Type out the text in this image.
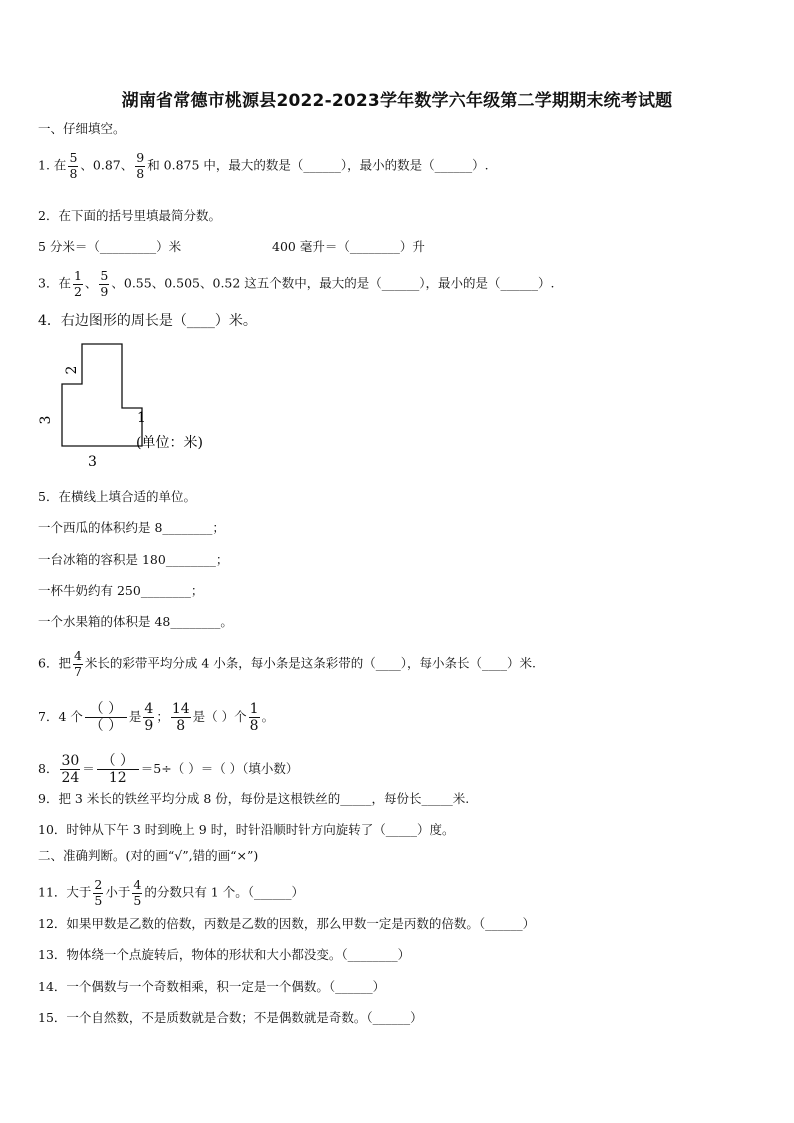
湖南省常德市桃源县2022-2023学年数学六年级第二学期期末统考试题
一、仔细填空。
1. 在 $\frac{5}{8}$ 、0.87、 $\frac{9}{8}$ 和 0.875 中，最大的数是（______），最小的数是（______）.
2．在下面的括号里填最简分数。
5 分米＝（_________）米	400 毫升＝（________）升
3．在 $\frac{1}{2}$ 、 $\frac{5}{9}$ 、0.55、0.505、0.52 这五个数中，最大的是（______），最小的是（______）.
4．右边图形的周长是（____）米。
2
3	1
3
(单位：米)
5．在横线上填合适的单位。
一个西瓜的体积约是 8________；
一台冰箱的容积是 180________；
一杯牛奶约有 250________；
一个水果箱的体积是 48________。
6．把 $\frac{4}{7}$ 米长的彩带平均分成 4 小条，每小条是这条彩带的（____），每小条长（____）米.
7．4 个 $\frac{( )}{( )}$ 是 $\frac{4}{9}$ ； $\frac{14}{8}$ 是（ ）个 $\frac{1}{8}$ 。
8． $\frac{30}{24} = \frac{( )}{12} =5\div$（ ）＝（ ）（填小数）
9．把 3 米长的铁丝平均分成 8 份，每份是这根铁丝的_____，每份长_____米.
10．时钟从下午 3 时到晚上 9 时，时针沿顺时针方向旋转了（_____）度。
二、准确判断。(对的画“√”,错的画“×”)
11．大于 $\frac{2}{5}$ 小于 $\frac{4}{5}$ 的分数只有 1 个。（______）
12．如果甲数是乙数的倍数，丙数是乙数的因数，那么甲数一定是丙数的倍数。（______）
13．物体绕一个点旋转后，物体的形状和大小都没变。（________）
14．一个偶数与一个奇数相乘，积一定是一个偶数。（______）
15．一个自然数，不是质数就是合数；不是偶数就是奇数。（______）
